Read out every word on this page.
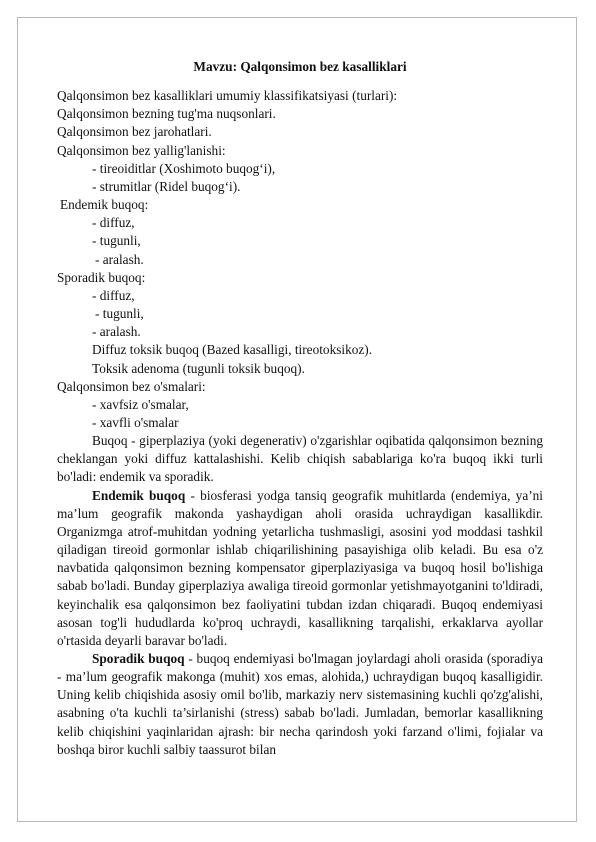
Mavzu: Qalqonsimon bez kasalliklari
Qalqonsimon bez kasalliklari umumiy klassifikatsiyasi (turlari):
Qalqonsimon bezning tug'ma nuqsonlari.
Qalqonsimon bez jarohatlari.
Qalqonsimon bez yallig'lanishi:
- tireoiditlar (Xoshimoto buqog‘i),
- strumitlar (Ridel buqog‘i).
Endemik buqoq:
- diffuz,
- tugunli,
- aralash.
Sporadik buqoq:
- diffuz,
- tugunli,
- aralash.
Diffuz toksik buqoq (Bazed kasalligi, tireotoksikoz).
Toksik adenoma (tugunli toksik buqoq).
Qalqonsimon bez o'smalari:
- xavfsiz o'smalar,
- xavfli o'smalar

Buqoq - giperplaziya (yoki degenerativ) o'zgarishlar oqibatida qalqonsimon bezning cheklangan yoki diffuz kattalashishi. Kelib chiqish sabablariga ko'ra buqoq ikki turli bo'ladi: endemik va sporadik.

Endemik buqoq - biosferasi yodga tansiq geografik muhitlarda (endemiya, ya’ni ma’lum geografik makonda yashaydigan aholi orasida uchraydigan kasallikdir. Organizmga atrof-muhitdan yodning yetarlicha tushmasligi, asosini yod moddasi tashkil qiladigan tireoid gormonlar ishlab chiqarilishining pasayishiga olib keladi. Bu esa o'z navbatida qalqonsimon bezning kompensator giperplaziyasiga va buqoq hosil bo'lishiga sabab bo'ladi. Bunday giperplaziya awaliga tireoid gormonlar yetishmayotganini to'ldiradi, keyinchalik esa qalqonsimon bez faoliyatini tubdan izdan chiqaradi. Buqoq endemiyasi asosan tog'li hududlarda ko'proq uchraydi, kasallikning tarqalishi, erkaklarva ayollar o'rtasida deyarli baravar bo'ladi.

Sporadik buqoq - buqoq endemiyasi bo'lmagan joylardagi aholi orasida (sporadiya - ma’lum geografik makonga (muhit) xos emas, alohida,) uchraydigan buqoq kasalligidir. Uning kelib chiqishida asosiy omil bo'lib, markaziy nerv sistemasining kuchli qo'zg'alishi, asabning o'ta kuchli ta’sirlanishi (stress) sabab bo'ladi. Jumladan, bemorlar kasallikning kelib chiqishini yaqinlaridan ajrash: bir necha qarindosh yoki farzand o'limi, fojialar va boshqa biror kuchli salbiy taassurot bilan
